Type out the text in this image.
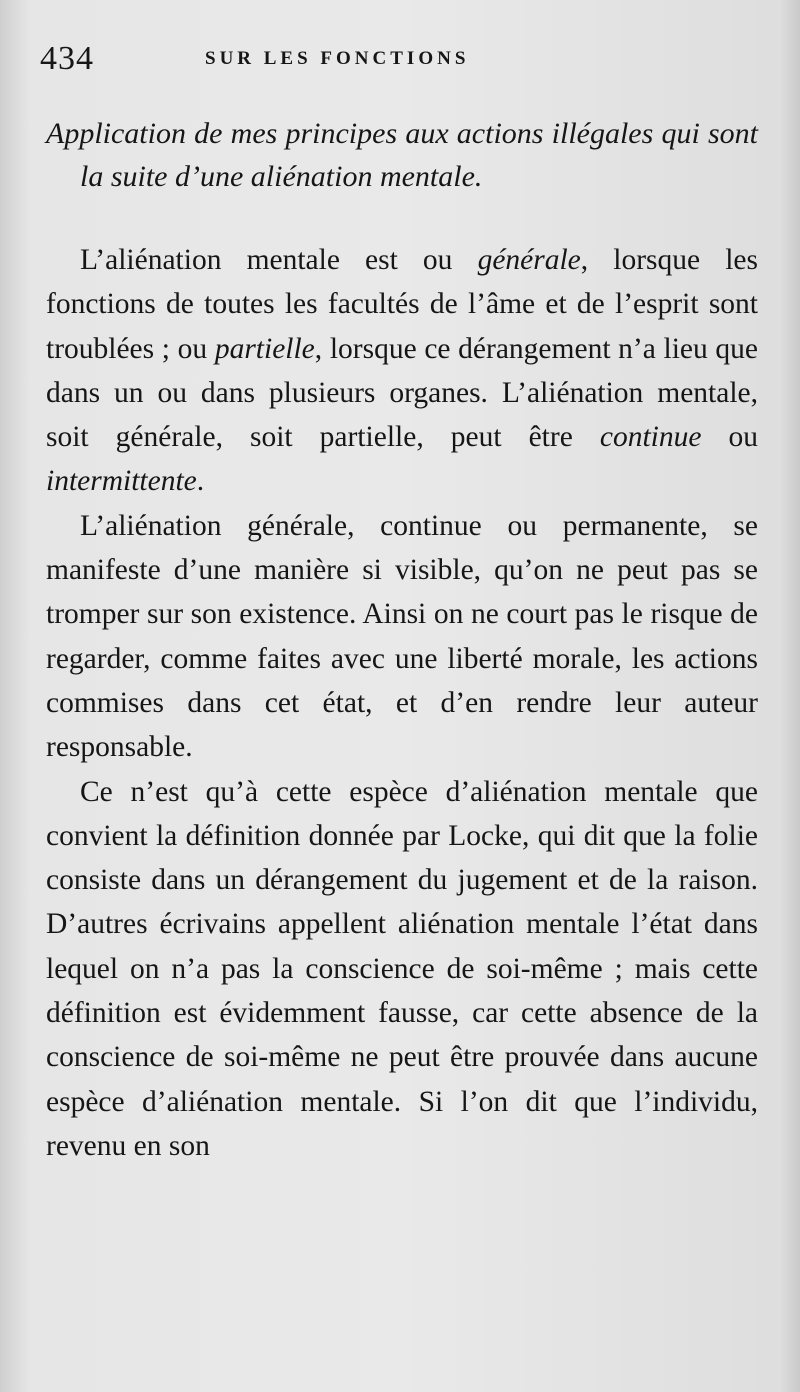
434	SUR LES FONCTIONS

Application de mes principes aux actions illégales qui sont la suite d’une aliénation mentale.

L’aliénation mentale est ou générale, lorsque les fonctions de toutes les facultés de l’âme et de l’esprit sont troublées ; ou partielle, lorsque ce dérangement n’a lieu que dans un ou dans plusieurs organes. L’aliénation mentale, soit générale, soit partielle, peut être continue ou intermittente.

L’aliénation générale, continue ou permanente, se manifeste d’une manière si visible, qu’on ne peut pas se tromper sur son existence. Ainsi on ne court pas le risque de regarder, comme faites avec une liberté morale, les actions commises dans cet état, et d’en rendre leur auteur responsable.

Ce n’est qu’à cette espèce d’aliénation mentale que convient la définition donnée par Locke, qui dit que la folie consiste dans un dérangement du jugement et de la raison. D’autres écrivains appellent aliénation mentale l’état dans lequel on n’a pas la conscience de soi-même ; mais cette définition est évidemment fausse, car cette absence de la conscience de soi-même ne peut être prouvée dans aucune espèce d’aliénation mentale. Si l’on dit que l’individu, revenu en son
